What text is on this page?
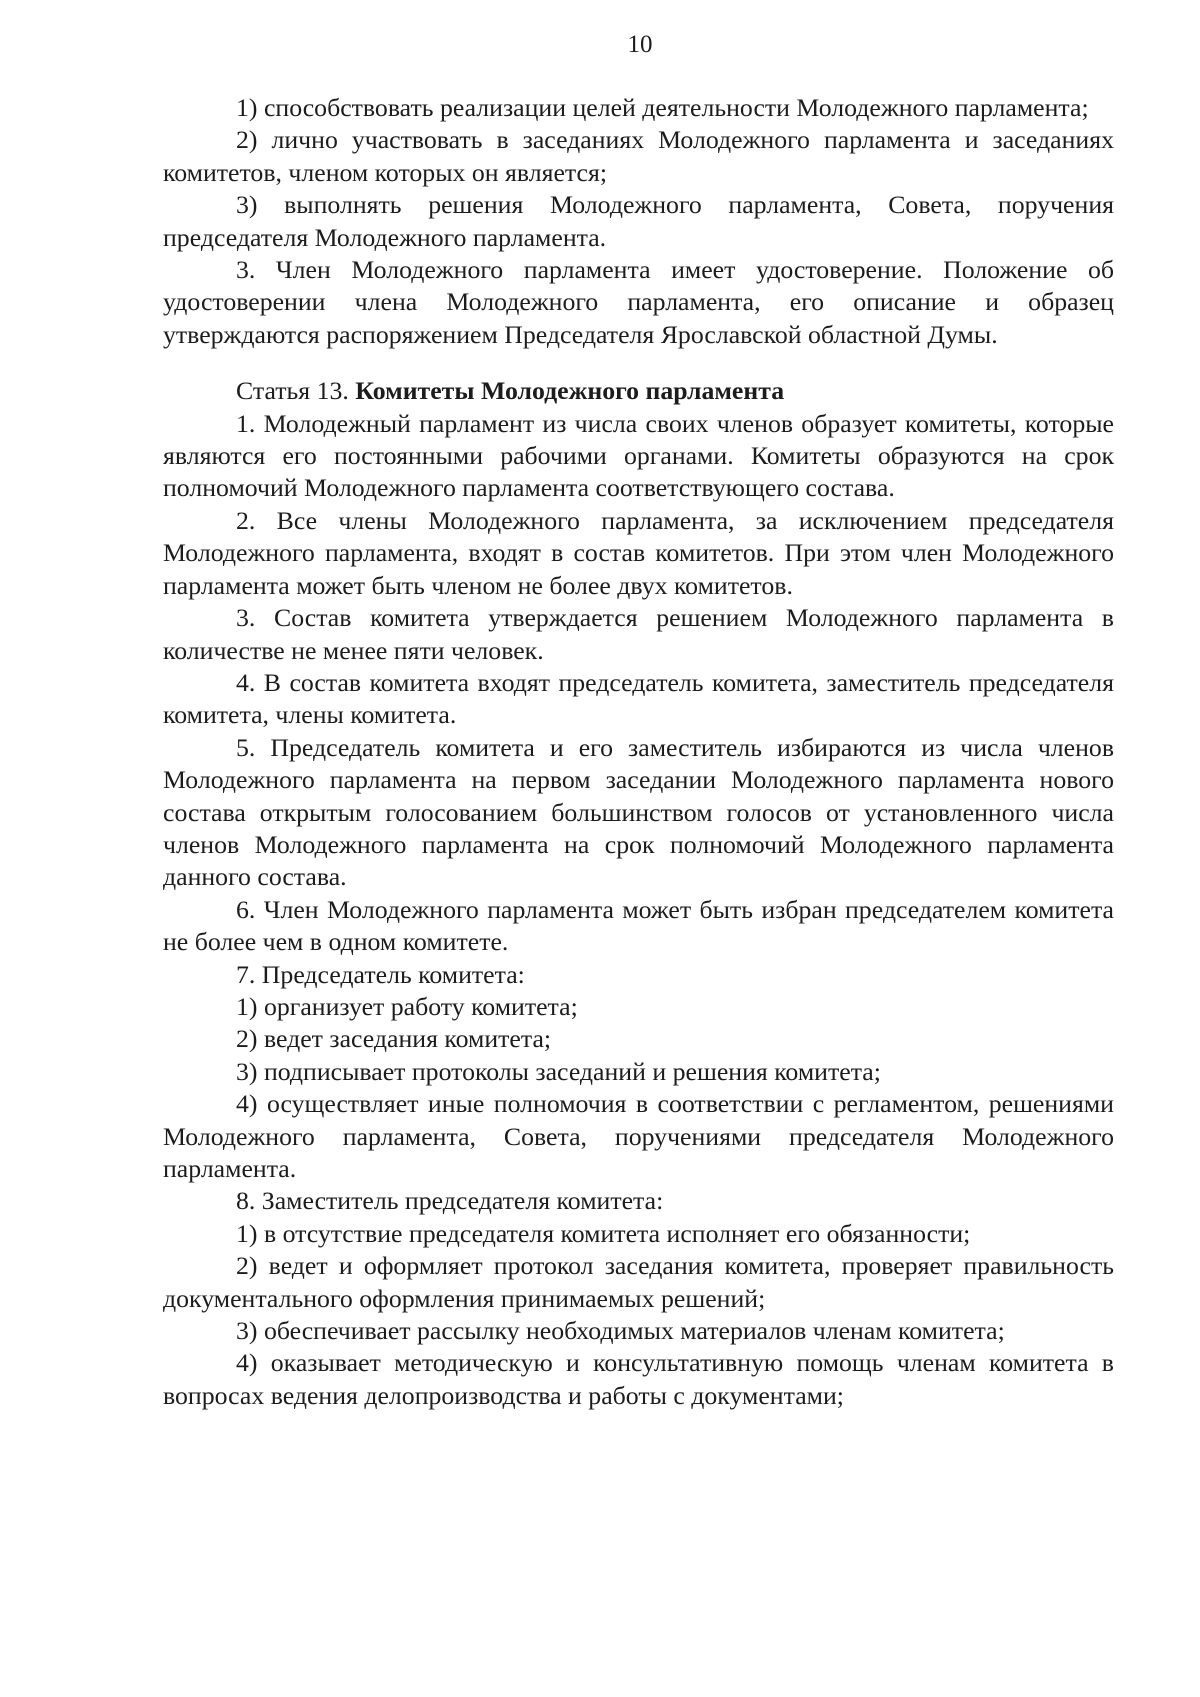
10

1) способствовать реализации целей деятельности Молодежного парламента;

2) лично участвовать в заседаниях Молодежного парламента и заседаниях комитетов, членом которых он является;

3) выполнять решения Молодежного парламента, Совета, поручения председателя Молодежного парламента.

3. Член Молодежного парламента имеет удостоверение. Положение об удостоверении члена Молодежного парламента, его описание и образец утверждаются распоряжением Председателя Ярославской областной Думы.

Статья 13. Комитеты Молодежного парламента

1. Молодежный парламент из числа своих членов образует комитеты, которые являются его постоянными рабочими органами. Комитеты образуются на срок полномочий Молодежного парламента соответствующего состава.

2. Все члены Молодежного парламента, за исключением председателя Молодежного парламента, входят в состав комитетов. При этом член Молодежного парламента может быть членом не более двух комитетов.

3. Состав комитета утверждается решением Молодежного парламента в количестве не менее пяти человек.

4. В состав комитета входят председатель комитета, заместитель председателя комитета, члены комитета.

5. Председатель комитета и его заместитель избираются из числа членов Молодежного парламента на первом заседании Молодежного парламента нового состава открытым голосованием большинством голосов от установленного числа членов Молодежного парламента на срок полномочий Молодежного парламента данного состава.

6. Член Молодежного парламента может быть избран председателем комитета не более чем в одном комитете.

7. Председатель комитета:

1) организует работу комитета;

2) ведет заседания комитета;

3) подписывает протоколы заседаний и решения комитета;

4) осуществляет иные полномочия в соответствии с регламентом, решениями Молодежного парламента, Совета, поручениями председателя Молодежного парламента.

8. Заместитель председателя комитета:

1) в отсутствие председателя комитета исполняет его обязанности;

2) ведет и оформляет протокол заседания комитета, проверяет правильность документального оформления принимаемых решений;

3) обеспечивает рассылку необходимых материалов членам комитета;

4) оказывает методическую и консультативную помощь членам комитета в вопросах ведения делопроизводства и работы с документами;
